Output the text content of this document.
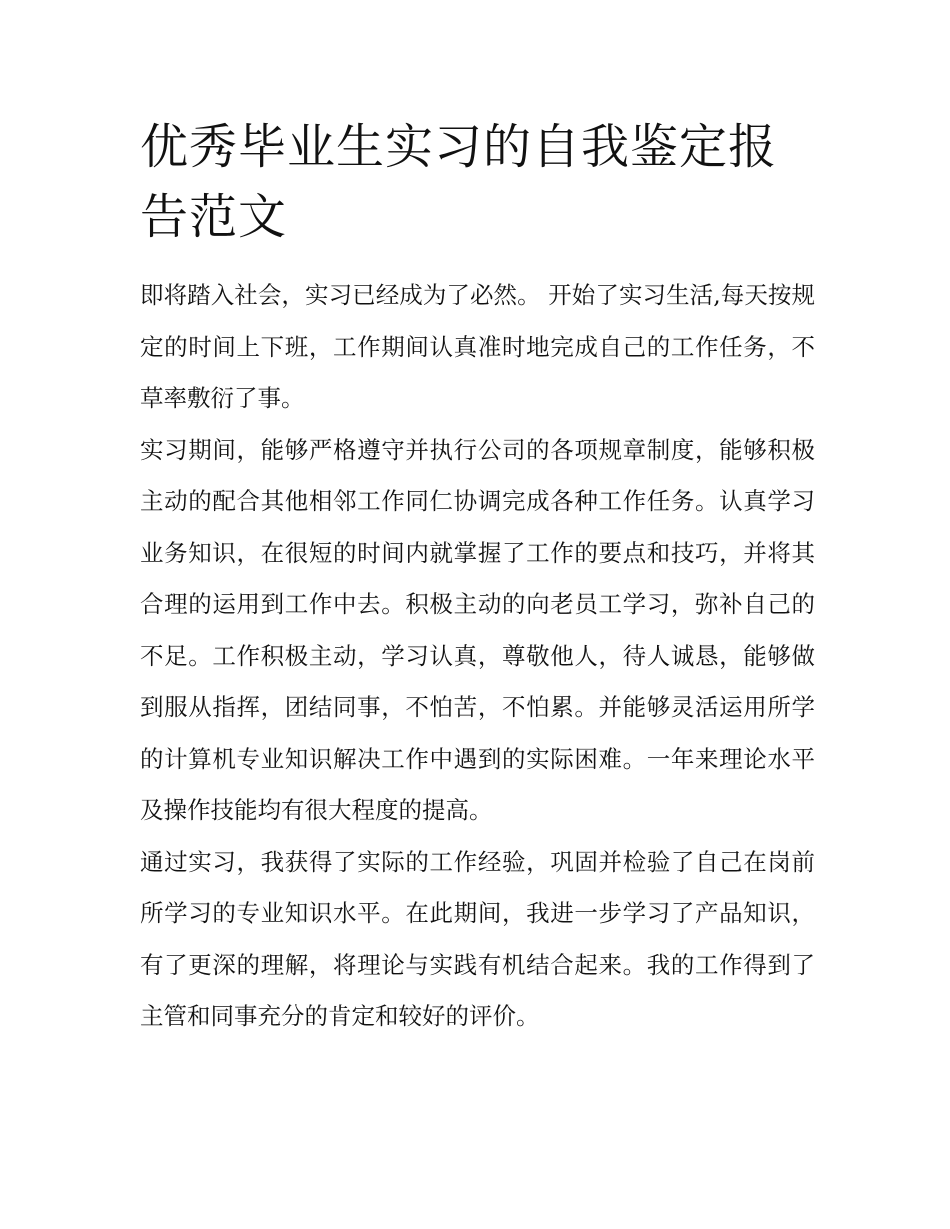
优秀毕业生实习的自我鉴定报告范文

即将踏入社会，实习已经成为了必然。 开始了实习生活,每天按规定的时间上下班，工作期间认真准时地完成自己的工作任务，不草率敷衍了事。

实习期间，能够严格遵守并执行公司的各项规章制度，能够积极主动的配合其他相邻工作同仁协调完成各种工作任务。认真学习业务知识，在很短的时间内就掌握了工作的要点和技巧，并将其合理的运用到工作中去。积极主动的向老员工学习，弥补自己的不足。工作积极主动，学习认真，尊敬他人，待人诚恳，能够做到服从指挥，团结同事，不怕苦，不怕累。并能够灵活运用所学的计算机专业知识解决工作中遇到的实际困难。一年来理论水平及操作技能均有很大程度的提高。

通过实习，我获得了实际的工作经验，巩固并检验了自己在岗前所学习的专业知识水平。在此期间，我进一步学习了产品知识，有了更深的理解，将理论与实践有机结合起来。我的工作得到了主管和同事充分的肯定和较好的评价。
